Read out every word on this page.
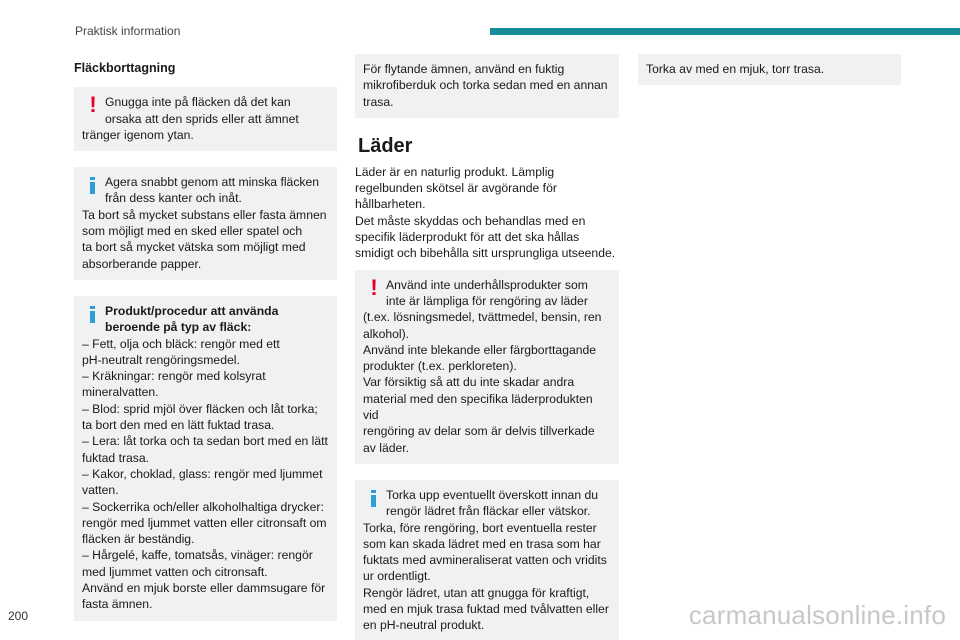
Praktisk information
Fläckborttagning
! Gnugga inte på fläcken då det kan
orsaka att den sprids eller att ämnet
tränger igenom ytan.
Agera snabbt genom att minska fläcken
från dess kanter och inåt.
Ta bort så mycket substans eller fasta ämnen
som möjligt med en sked eller spatel och
ta bort så mycket vätska som möjligt med
absorberande papper.
Produkt/procedur att använda
beroende på typ av fläck:
– Fett, olja och bläck: rengör med ett
pH-neutralt rengöringsmedel.
– Kräkningar: rengör med kolsyrat
mineralvatten.
– Blod: sprid mjöl över fläcken och låt torka;
ta bort den med en lätt fuktad trasa.
– Lera: låt torka och ta sedan bort med en lätt
fuktad trasa.
– Kakor, choklad, glass: rengör med ljummet
vatten.
– Sockerrika och/eller alkoholhaltiga drycker:
rengör med ljummet vatten eller citronsaft om
fläcken är beständig.
– Hårgelé, kaffe, tomatsås, vinäger: rengör
med ljummet vatten och citronsaft.
Använd en mjuk borste eller dammsugare för
fasta ämnen.
För flytande ämnen, använd en fuktig
mikrofiberduk och torka sedan med en annan
trasa.
Läder
Läder är en naturlig produkt. Lämplig
regelbunden skötsel är avgörande för
hållbarheten.
Det måste skyddas och behandlas med en
specifik läderprodukt för att det ska hållas
smidigt och bibehålla sitt ursprungliga utseende.
! Använd inte underhållsprodukter som
inte är lämpliga för rengöring av läder
(t.ex. lösningsmedel, tvättmedel, bensin, ren
alkohol).
Använd inte blekande eller färgborttagande
produkter (t.ex. perkloreten).
Var försiktig så att du inte skadar andra
material med den specifika läderprodukten vid
rengöring av delar som är delvis tillverkade
av läder.
Torka upp eventuellt överskott innan du
rengör lädret från fläckar eller vätskor.
Torka, före rengöring, bort eventuella rester
som kan skada lädret med en trasa som har
fuktats med avmineraliserat vatten och vridits
ur ordentligt.
Rengör lädret, utan att gnugga för kraftigt,
med en mjuk trasa fuktad med tvålvatten eller
en pH-neutral produkt.
Torka av med en mjuk, torr trasa.
200	carmanualsonline.info
